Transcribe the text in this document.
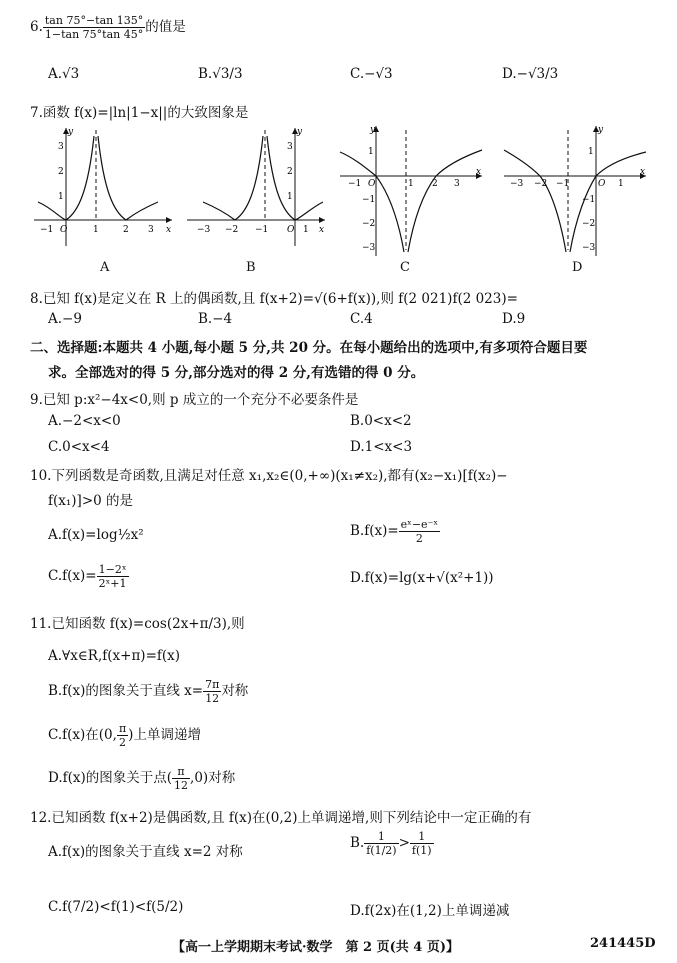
6. $\frac{\tan 75^\circ-\tan 135^\circ}{1-\tan 75^\circ\tan 45^\circ}$ 的值是
A.√3	B.√3/3	C.−√3	D.−√3/3
7.函数 f(x)=|ln|1−x||的大致图象是
y
x
−1 O	1	2 3
3
2
1
A
y
x
−3 −2 −1 O 1
3
2
1
B
y
x
−1 O	1 2 3
1
−1
−2
−3
C
y
x
−3 −2 −1	O 1
1
−1
−2
−3
D
8.已知 f(x)是定义在 R 上的偶函数,且 f(x+2)=√(6+f(x)),则 f(2 021)f(2 023)=
A.−9	B.−4	C.4	D.9
二、选择题:本题共 4 小题,每小题 5 分,共 20 分。在每小题给出的选项中,有多项符合题目要
求。全部选对的得 5 分,部分选对的得 2 分,有选错的得 0 分。
9.已知 p:x²−4x<0,则 p 成立的一个充分不必要条件是
A.−2<x<0	B.0<x<2
C.0<x<4	D.1<x<3
10.下列函数是奇函数,且满足对任意 x₁,x₂∈(0,+∞)(x₁≠x₂),都有(x₂−x₁)[f(x₂)−
f(x₁)]>0 的是
A.f(x)=log½x²	$B.f(x)= \frac{\text{eˣ−e⁻ˣ}}{2}$
$C.f(x)= \frac{\text{1−2ˣ}}{\text{2ˣ+1}}$	D.f(x)=lg(x+√(x²+1))
11.已知函数 f(x)=cos(2x+π/3),则
A.∀x∈R,f(x+π)=f(x)
B.f(x)的图象关于直线 $x= \frac{7\pi}{12}$ 对称
C.f(x)在(0, $\frac{\pi}{2}$ )上单调递增
D.f(x)的图象关于点( $\frac{\pi}{12} ,0$)对称
12.已知函数 f(x+2)是偶函数,且 f(x)在(0,2)上单调递增,则下列结论中一定正确的有
A.f(x)的图象关于直线 x=2 对称
B. $\frac{1}{f(1/2)} > \frac{1}{f(1)}$
C.f(7/2)<f(1)<f(5/2)	D.f(2x)在(1,2)上单调递减
【高一上学期期末考试·数学　第 2 页(共 4 页)】	241445D
